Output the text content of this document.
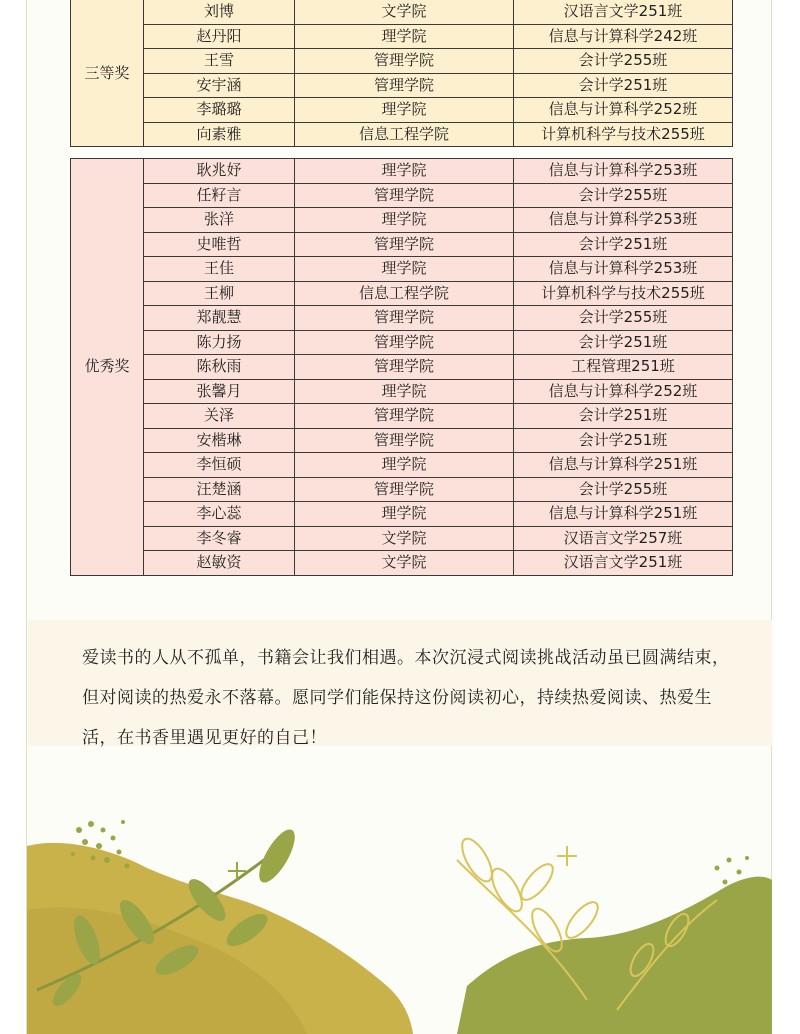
三等奖	刘博	文学院	汉语言文学251班
	赵丹阳	理学院	信息与计算科学242班
	王雪	管理学院	会计学255班
	安宇涵	管理学院	会计学251班
	李璐璐	理学院	信息与计算科学252班
	向素雅	信息工程学院	计算机科学与技术255班
优秀奖	耿兆妤	理学院	信息与计算科学253班
	任籽言	管理学院	会计学255班
	张洋	理学院	信息与计算科学253班
	史唯哲	管理学院	会计学251班
	王佳	理学院	信息与计算科学253班
	王柳	信息工程学院	计算机科学与技术255班
	郑靓慧	管理学院	会计学255班
	陈力扬	管理学院	会计学251班
	陈秋雨	管理学院	工程管理251班
	张馨月	理学院	信息与计算科学252班
	关泽	管理学院	会计学251班
	安楷琳	管理学院	会计学251班
	李恒硕	理学院	信息与计算科学251班
	汪楚涵	管理学院	会计学255班
	李心蕊	理学院	信息与计算科学251班
	李冬睿	文学院	汉语言文学257班
	赵敏资	文学院	汉语言文学251班

爱读书的人从不孤单，书籍会让我们相遇。本次沉浸式阅读挑战活动虽已圆满结束，但对阅读的热爱永不落幕。愿同学们能保持这份阅读初心，持续热爱阅读、热爱生活，在书香里遇见更好的自己！
